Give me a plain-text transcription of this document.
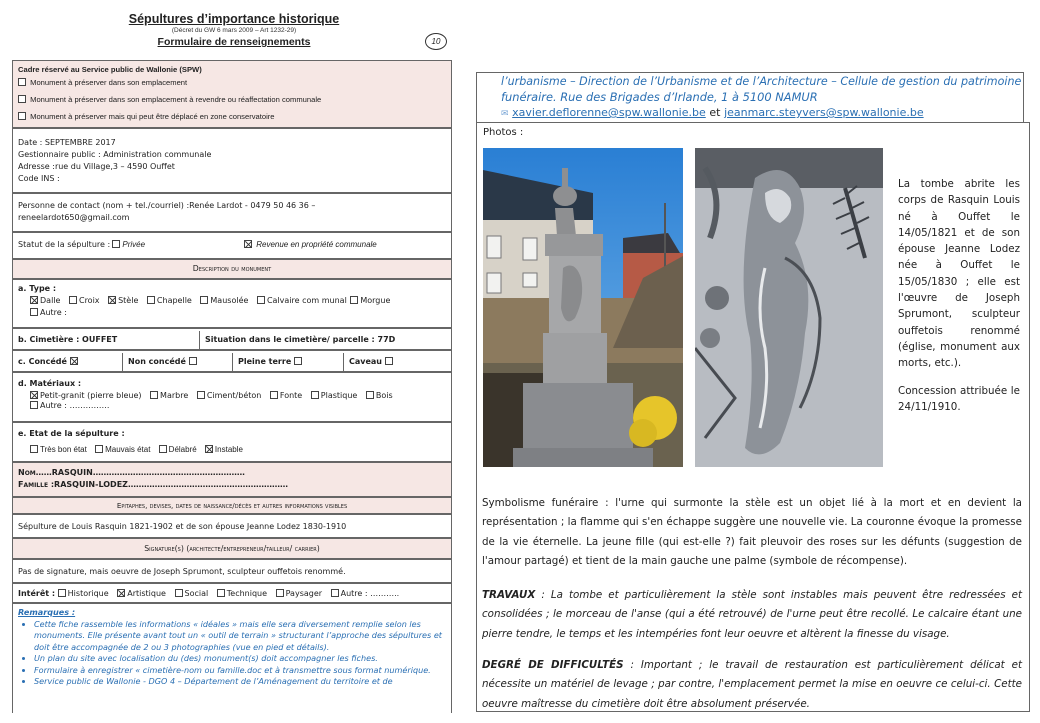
Sépultures d’importance historique
(Décret du GW 6 mars 2009 – Art 1232-29)
Formulaire de renseignements	10
Cadre réservé au Service public de Wallonie (SPW)
Monument à préserver dans son emplacement
Monument à préserver dans son emplacement à revendre ou réaffectation communale
Monument à préserver mais qui peut être déplacé en zone conservatoire
Date : SEPTEMBRE 2017
Gestionnaire public : Administration communale
Adresse :rue du Village,3 – 4590 Ouffet
Code INS :
Personne de contact (nom + tel./courriel) :Renée Lardot - 0479 50 46 36 –
reneelardot650@gmail.com
Statut de la sépulture : Privée	Revenue en propriété communale
Description du monument
a. Type :
Dalle Croix Stèle Chapelle Mausolée Calvaire com munal Morgue
Autre :
b. Cimetière : OUFFET	Situation dans le cimetière/ parcelle : 77D
c. Concédé	Non concédé	Pleine terre	Caveau
d. Matériaux :
Petit-granit (pierre bleue) Marbre Ciment/béton Fonte Plastique Bois
Autre : ……………
e. Etat de la sépulture :
Très bon état Mauvais état Délabré Instable
Nom……RASQUIN…………………………………………………
Famille :RASQUIN-LODEZ……………………………………………………
Epitaphes, devises, dates de naissance/décès et autres informations visibles
Sépulture de Louis Rasquin 1821-1902 et de son épouse Jeanne Lodez 1830-1910
Signature(s) (architecte/entrepreneur/tailleur/ carrier)
Pas de signature, mais oeuvre de Joseph Sprumont, sculpteur ouffetois renommé.
Intérêt : Historique Artistique Social Technique Paysager Autre : ………..
Remarques :
• Cette fiche rassemble les informations « idéales » mais elle sera diversement remplie selon les monuments. Elle présente avant tout un « outil de terrain » structurant l’approche des sépultures et doit être accompagnée de 2 ou 3 photographies (vue en pied et détails).
• Un plan du site avec localisation du (des) monument(s) doit accompagner les fiches.
• Formulaire à enregistrer « cimetière-nom ou famille.doc et à transmettre sous format numérique.
• Service public de Wallonie - DGO 4 – Département de l’Aménagement du territoire et de
l’urbanisme – Direction de l’Urbanisme et de l’Architecture – Cellule de gestion du patrimoine
funéraire. Rue des Brigades d’Irlande, 1 à 5100 NAMUR
✉ xavier.deflorenne@spw.wallonie.be et jeanmarc.steyvers@spw.wallonie.be
Photos :

La tombe abrite les corps de Rasquin Louis né à Ouffet le 14/05/1821 et de son épouse Jeanne Lodez née à Ouffet le 15/05/1830 ; elle est l'œuvre de Joseph Sprumont, sculpteur ouffetois renommé (église, monument aux morts, etc.).

Concession attribuée le 24/11/1910.

Symbolisme funéraire : l'urne qui surmonte la stèle est un objet lié à la mort et en devient la représentation ; la flamme qui s'en échappe suggère une nouvelle vie. La couronne évoque la promesse de la vie éternelle. La jeune fille (qui est-elle ?) fait pleuvoir des roses sur les défunts (suggestion de l'amour partagé) et tient de la main gauche une palme (symbole de récompense).
TRAVAUX : La tombe et particulièrement la stèle sont instables mais peuvent être redressées et consolidées ; le morceau de l'anse (qui a été retrouvé) de l'urne peut être recollé. Le calcaire étant une pierre tendre, le temps et les intempéries font leur oeuvre et altèrent la finesse du visage.
DEGRÉ DE DIFFICULTÉS : Important ; le travail de restauration est particulièrement délicat et nécessite un matériel de levage ; par contre, l'emplacement permet la mise en oeuvre ce celui-ci. Cette oeuvre maîtresse du cimetière doit être absolument préservée.
